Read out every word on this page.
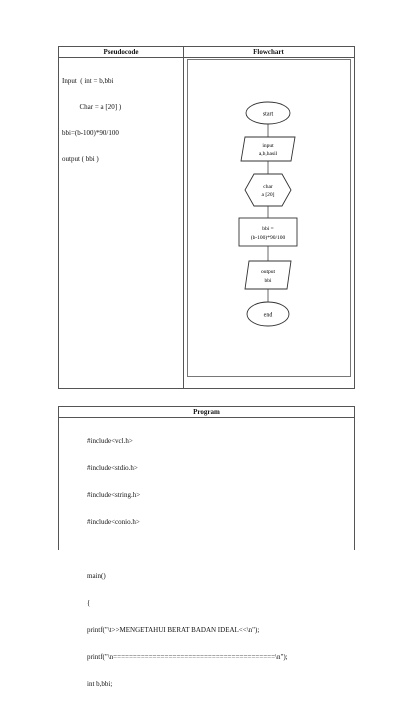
Pseudocode	Flowchart

Input  ( int = b,bbi

Char = a [20] )

bbi=(b-100)*90/100

output ( bbi )

start
input
a,b,hasil
char
a [20]
bbi =
(b-100)*90/100
output
bbi
end
Program

#include<vcl.h>

#include<stdio.h>

#include<string.h>

#include<conio.h>

main()

{

printf("\t>>MENGETAHUI BERAT BADAN IDEAL<<\n");

printf("\n=========================================\n");

int b,bbi;
